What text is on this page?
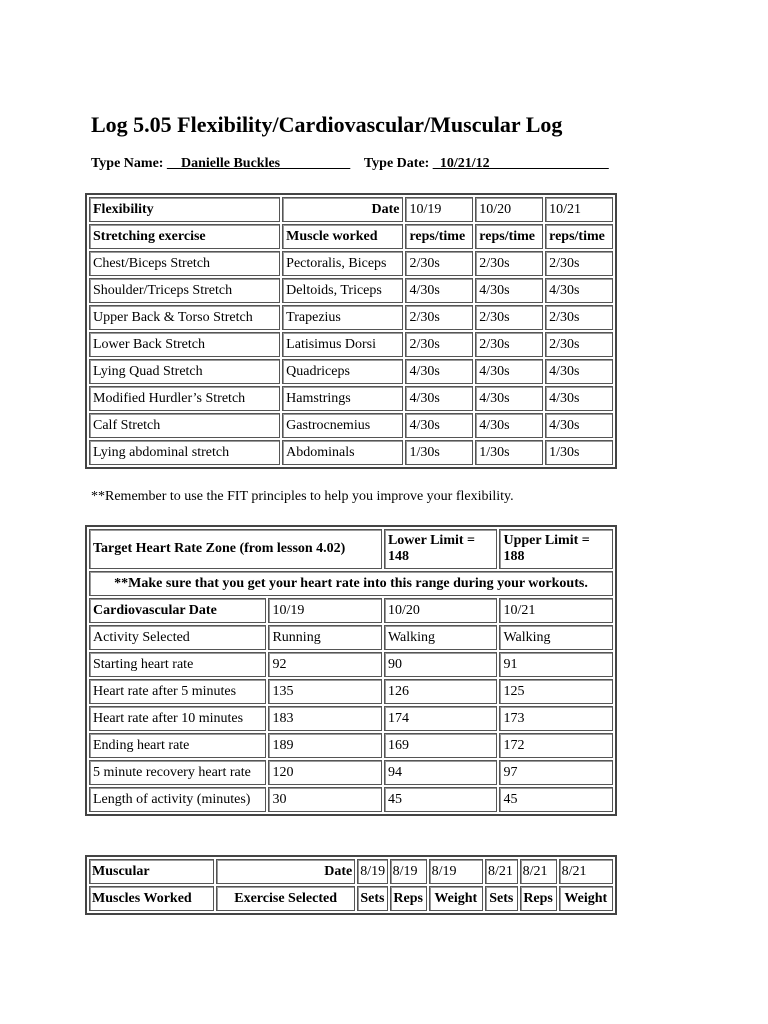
Log 5.05 Flexibility/Cardiovascular/Muscular Log
Type Name: __Danielle Buckles__________ Type Date: _10/21/12_________________
Flexibility	Date	10/19	10/20	10/21
Stretching exercise	Muscle worked	reps/time	reps/time	reps/time
Chest/Biceps Stretch	Pectoralis, Biceps	2/30s	2/30s	2/30s
Shoulder/Triceps Stretch	Deltoids, Triceps	4/30s	4/30s	4/30s
Upper Back & Torso Stretch	Trapezius	2/30s	2/30s	2/30s
Lower Back Stretch	Latisimus Dorsi	2/30s	2/30s	2/30s
Lying Quad Stretch	Quadriceps	4/30s	4/30s	4/30s
Modified Hurdler’s Stretch	Hamstrings	4/30s	4/30s	4/30s
Calf Stretch	Gastrocnemius	4/30s	4/30s	4/30s
Lying abdominal stretch	Abdominals	1/30s	1/30s	1/30s
**Remember to use the FIT principles to help you improve your flexibility.
Target Heart Rate Zone (from lesson 4.02)		Lower Limit = 148	Upper Limit = 188
**Make sure that you get your heart rate into this range during your workouts.			
Cardiovascular Date	10/19	10/20	10/21
Activity Selected	Running	Walking	Walking
Starting heart rate	92	90	91
Heart rate after 5 minutes	135	126	125
Heart rate after 10 minutes	183	174	173
Ending heart rate	189	169	172
5 minute recovery heart rate	120	94	97
Length of activity (minutes)	30	45	45
Muscular	Date	8/19	8/19	8/19	8/21	8/21	8/21
Muscles Worked	Exercise Selected	Sets	Reps	Weight	Sets	Reps	Weight
